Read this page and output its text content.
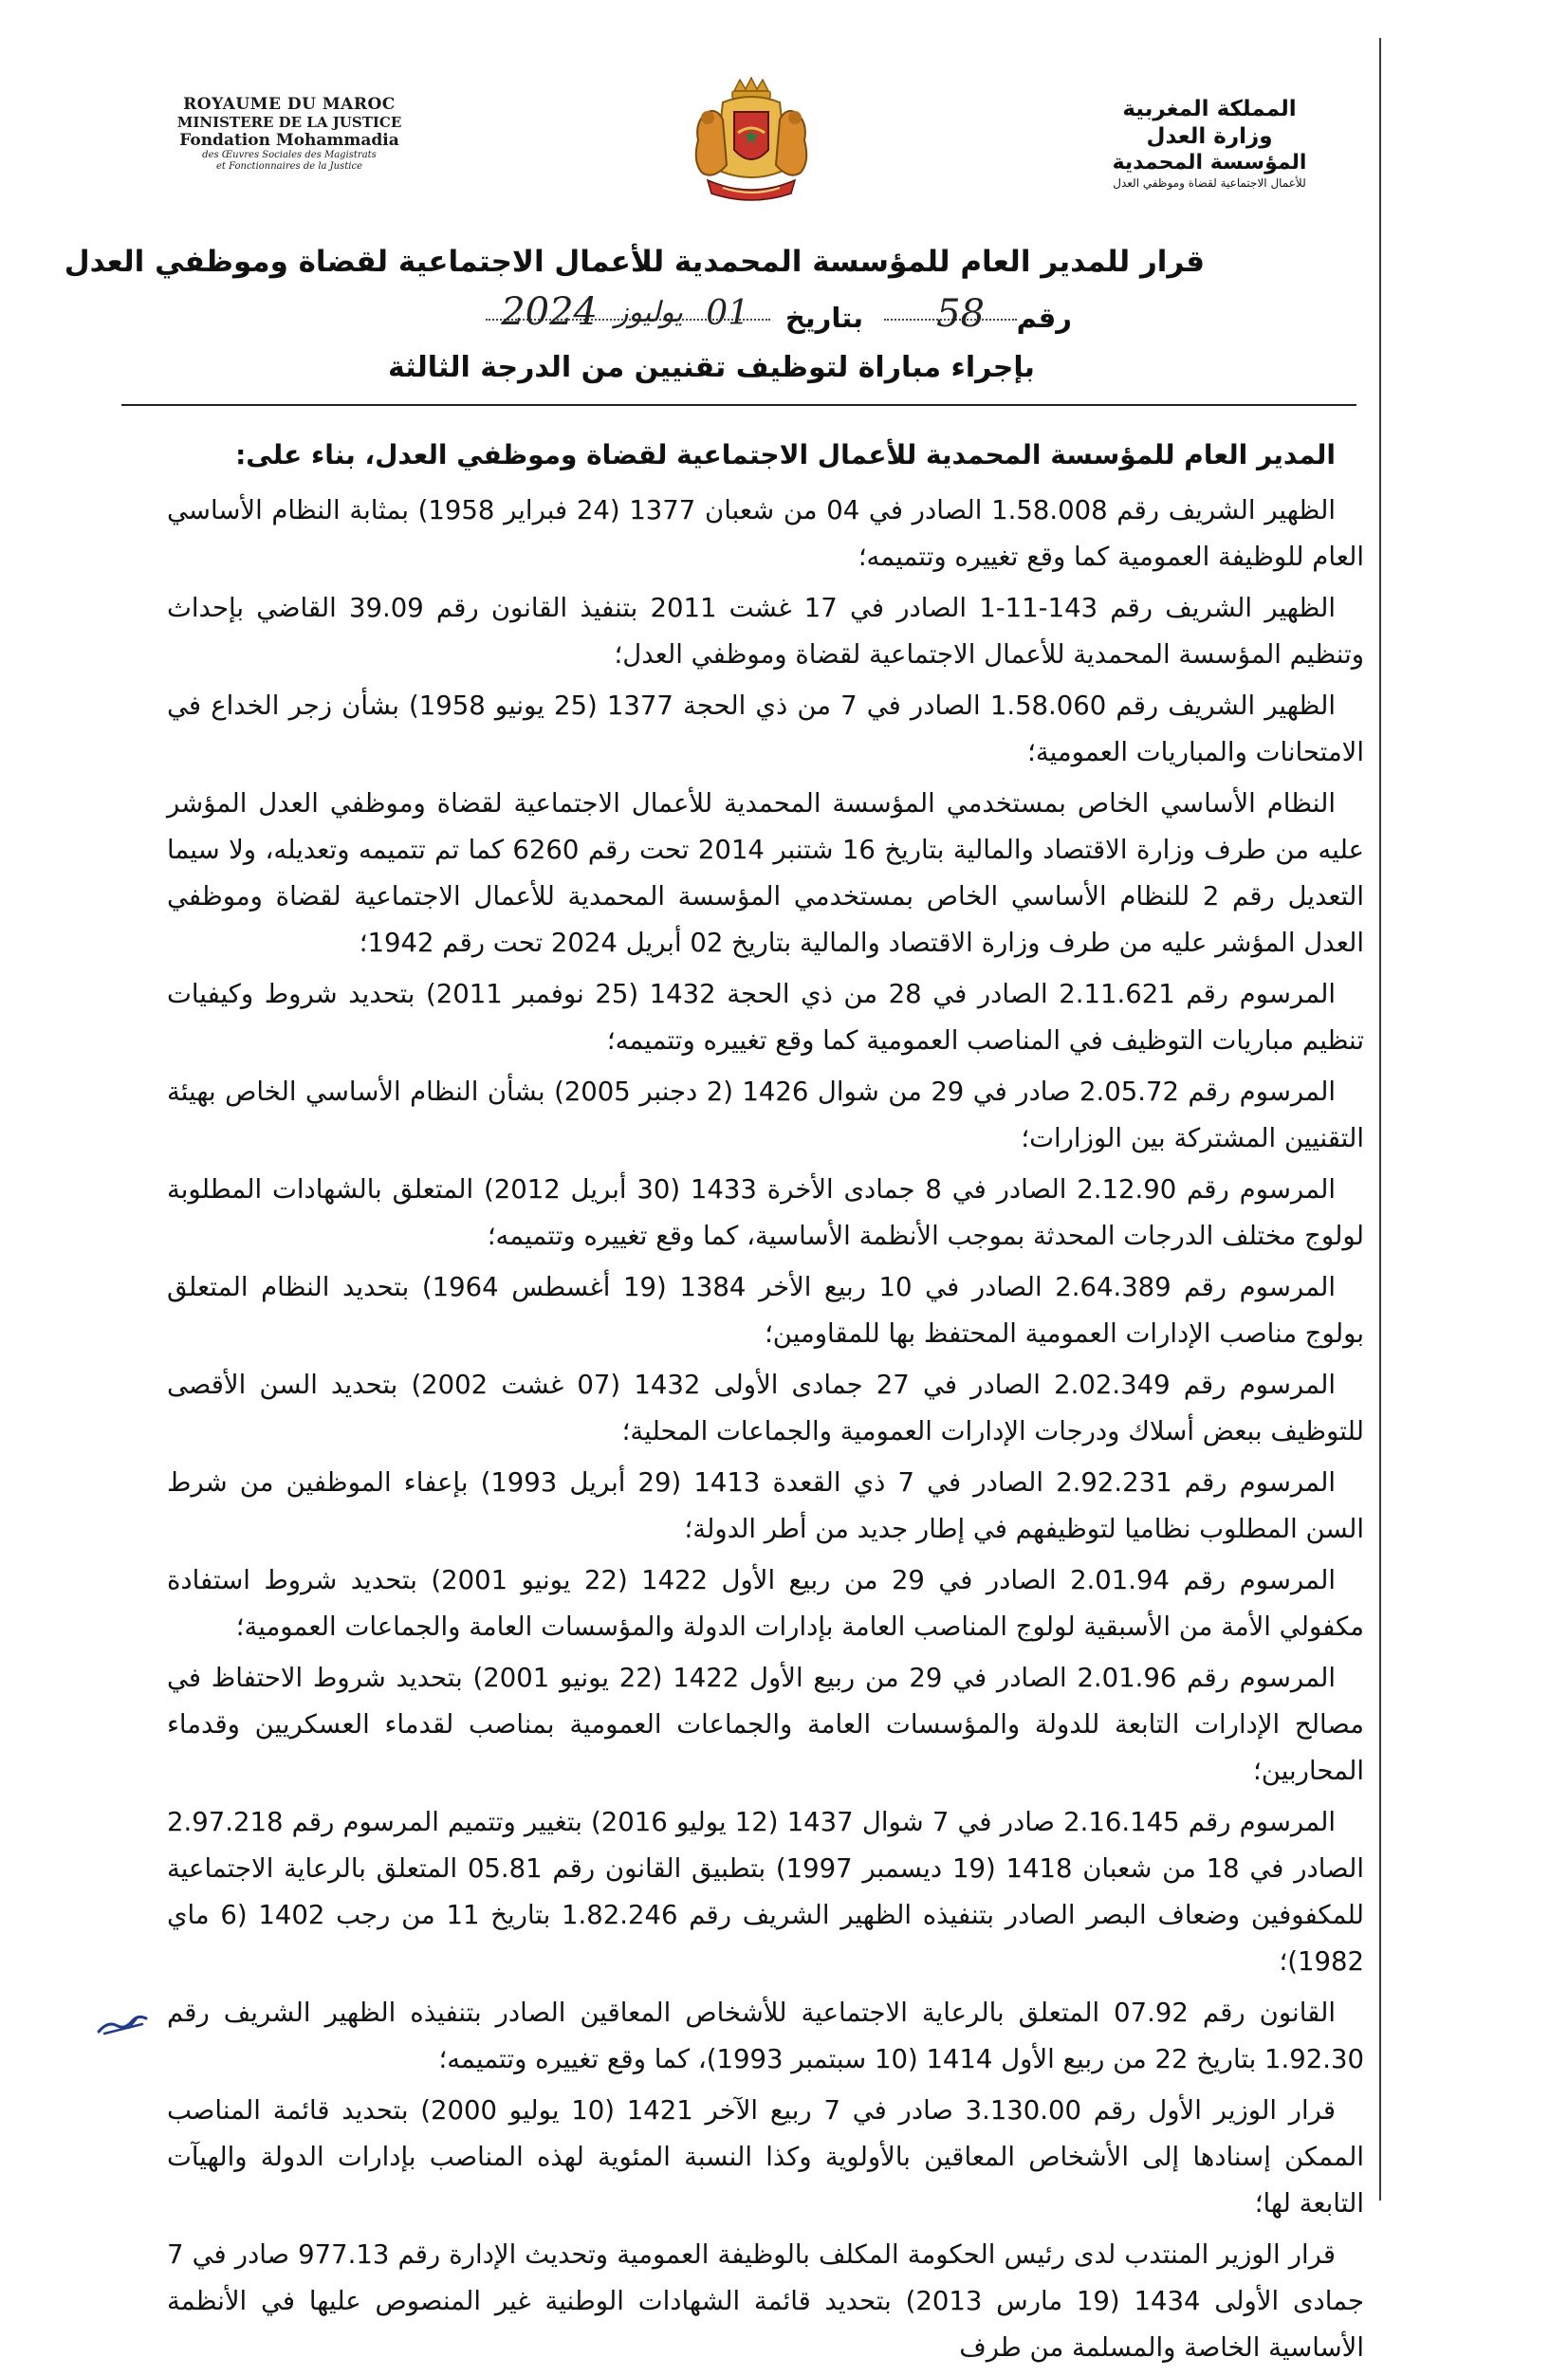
ROYAUME DU MAROC
MINISTERE DE LA JUSTICE
Fondation Mohammadia
des Œuvres Sociales des Magistrats
et Fonctionnaires de la Justice
المملكة المغربية
وزارة العدل
المؤسسة المحمدية
للأعمال الاجتماعية لقضاة وموظفي العدل
قرار للمدير العام للمؤسسة المحمدية للأعمال الاجتماعية لقضاة وموظفي العدل
رقم
58
بتاريخ
01
يوليوز
2024
بإجراء مباراة لتوظيف تقنيين من الدرجة الثالثة
المدير العام للمؤسسة المحمدية للأعمال الاجتماعية لقضاة وموظفي العدل، بناء على:

الظهير الشريف رقم 1.58.008 الصادر في 04 من شعبان 1377 (24 فبراير 1958) بمثابة النظام الأساسي العام للوظيفة العمومية كما وقع تغييره وتتميمه؛

الظهير الشريف رقم 143-11-1 الصادر في 17 غشت 2011 بتنفيذ القانون رقم 39.09 القاضي بإحداث وتنظيم المؤسسة المحمدية للأعمال الاجتماعية لقضاة وموظفي العدل؛

الظهير الشريف رقم 1.58.060 الصادر في 7 من ذي الحجة 1377 (25 يونيو 1958) بشأن زجر الخداع في الامتحانات والمباريات العمومية؛

النظام الأساسي الخاص بمستخدمي المؤسسة المحمدية للأعمال الاجتماعية لقضاة وموظفي العدل المؤشر عليه من طرف وزارة الاقتصاد والمالية بتاريخ 16 شتنبر 2014 تحت رقم 6260 كما تم تتميمه وتعديله، ولا سيما التعديل رقم 2 للنظام الأساسي الخاص بمستخدمي المؤسسة المحمدية للأعمال الاجتماعية لقضاة وموظفي العدل المؤشر عليه من طرف وزارة الاقتصاد والمالية بتاريخ 02 أبريل 2024 تحت رقم 1942؛

المرسوم رقم 2.11.621 الصادر في 28 من ذي الحجة 1432 (25 نوفمبر 2011) بتحديد شروط وكيفيات تنظيم مباريات التوظيف في المناصب العمومية كما وقع تغييره وتتميمه؛

المرسوم رقم 2.05.72 صادر في 29 من شوال 1426 (2 دجنبر 2005) بشأن النظام الأساسي الخاص بهيئة التقنيين المشتركة بين الوزارات؛

المرسوم رقم 2.12.90 الصادر في 8 جمادى الأخرة 1433 (30 أبريل 2012) المتعلق بالشهادات المطلوبة لولوج مختلف الدرجات المحدثة بموجب الأنظمة الأساسية، كما وقع تغييره وتتميمه؛

المرسوم رقم 2.64.389 الصادر في 10 ربيع الأخر 1384 (19 أغسطس 1964) بتحديد النظام المتعلق بولوج مناصب الإدارات العمومية المحتفظ بها للمقاومين؛

المرسوم رقم 2.02.349 الصادر في 27 جمادى الأولى 1432 (07 غشت 2002) بتحديد السن الأقصى للتوظيف ببعض أسلاك ودرجات الإدارات العمومية والجماعات المحلية؛

المرسوم رقم 2.92.231 الصادر في 7 ذي القعدة 1413 (29 أبريل 1993) بإعفاء الموظفين من شرط السن المطلوب نظاميا لتوظيفهم في إطار جديد من أطر الدولة؛

المرسوم رقم 2.01.94 الصادر في 29 من ربيع الأول 1422 (22 يونيو 2001) بتحديد شروط استفادة مكفولي الأمة من الأسبقية لولوج المناصب العامة بإدارات الدولة والمؤسسات العامة والجماعات العمومية؛

المرسوم رقم 2.01.96 الصادر في 29 من ربيع الأول 1422 (22 يونيو 2001) بتحديد شروط الاحتفاظ في مصالح الإدارات التابعة للدولة والمؤسسات العامة والجماعات العمومية بمناصب لقدماء العسكريين وقدماء المحاربين؛

المرسوم رقم 2.16.145 صادر في 7 شوال 1437 (12 يوليو 2016) بتغيير وتتميم المرسوم رقم 2.97.218 الصادر في 18 من شعبان 1418 (19 ديسمبر 1997) بتطبيق القانون رقم 05.81 المتعلق بالرعاية الاجتماعية للمكفوفين وضعاف البصر الصادر بتنفيذه الظهير الشريف رقم 1.82.246 بتاريخ 11 من رجب 1402 (6 ماي 1982)؛

القانون رقم 07.92 المتعلق بالرعاية الاجتماعية للأشخاص المعاقين الصادر بتنفيذه الظهير الشريف رقم 1.92.30 بتاريخ 22 من ربيع الأول 1414 (10 سبتمبر 1993)، كما وقع تغييره وتتميمه؛

قرار الوزير الأول رقم 3.130.00 صادر في 7 ربيع الآخر 1421 (10 يوليو 2000) بتحديد قائمة المناصب الممكن إسنادها إلى الأشخاص المعاقين بالأولوية وكذا النسبة المئوية لهذه المناصب بإدارات الدولة والهيآت التابعة لها؛

قرار الوزير المنتدب لدى رئيس الحكومة المكلف بالوظيفة العمومية وتحديث الإدارة رقم 977.13 صادر في 7 جمادى الأولى 1434 (19 مارس 2013) بتحديد قائمة الشهادات الوطنية غير المنصوص عليها في الأنظمة الأساسية الخاصة والمسلمة من طرف
